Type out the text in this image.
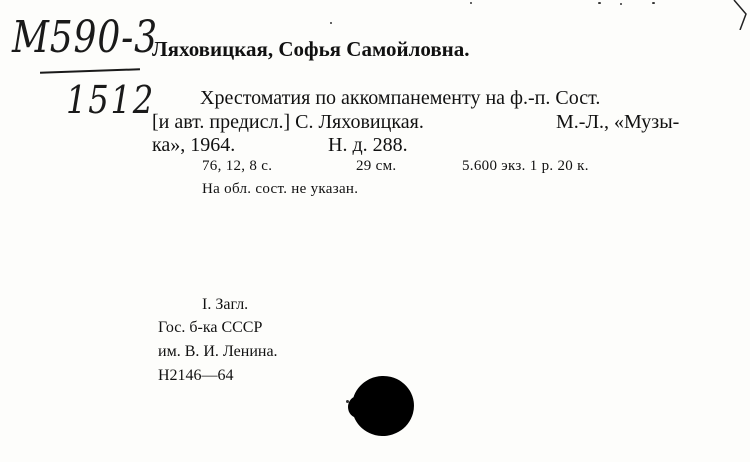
М590-3
1512
Ляховицкая, Софья Самойловна.
Хрестоматия по аккомпанементу на ф.-п. Сост.
[и авт. предисл.] С. Ляховицкая.	М.-Л., «Музы-
ка», 1964.	Н. д. 288.
76, 12, 8 с.	29 см.	5.600 экз. 1 р. 20 к.
На обл. сост. не указан.
I. Загл.
Гос. б-ка СССР
им. В. И. Ленина.
Н2146—64
